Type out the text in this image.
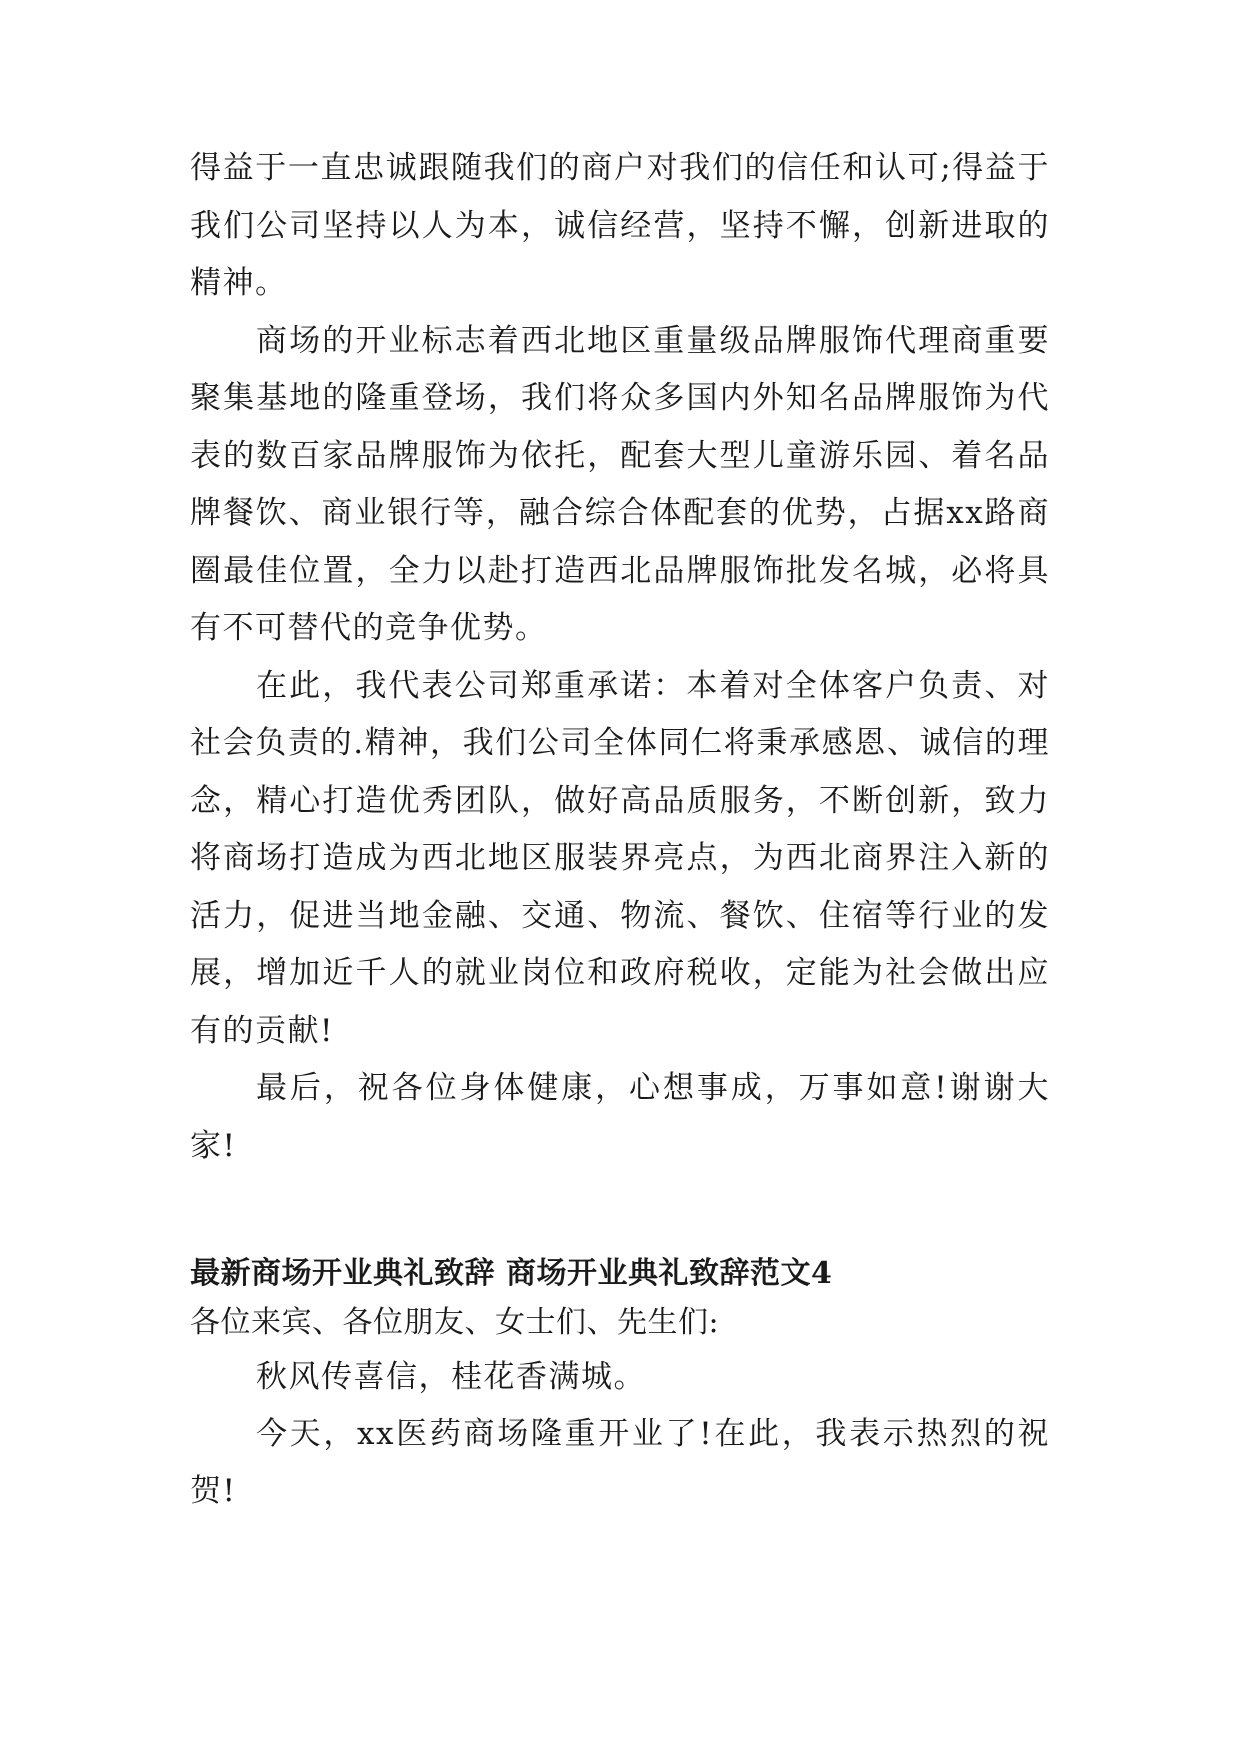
得益于一直忠诚跟随我们的商户对我们的信任和认可;得益于我们公司坚持以人为本，诚信经营，坚持不懈，创新进取的精神。

商场的开业标志着西北地区重量级品牌服饰代理商重要聚集基地的隆重登场，我们将众多国内外知名品牌服饰为代表的数百家品牌服饰为依托，配套大型儿童游乐园、着名品牌餐饮、商业银行等，融合综合体配套的优势，占据xx路商圈最佳位置，全力以赴打造西北品牌服饰批发名城，必将具有不可替代的竞争优势。

在此，我代表公司郑重承诺：本着对全体客户负责、对社会负责的.精神，我们公司全体同仁将秉承感恩、诚信的理念，精心打造优秀团队，做好高品质服务，不断创新，致力将商场打造成为西北地区服装界亮点，为西北商界注入新的活力，促进当地金融、交通、物流、餐饮、住宿等行业的发展，增加近千人的就业岗位和政府税收，定能为社会做出应有的贡献!

最后，祝各位身体健康，心想事成，万事如意!谢谢大家!

最新商场开业典礼致辞 商场开业典礼致辞范文4

各位来宾、各位朋友、女士们、先生们:

秋风传喜信，桂花香满城。

今天，xx医药商场隆重开业了!在此，我表示热烈的祝贺!
